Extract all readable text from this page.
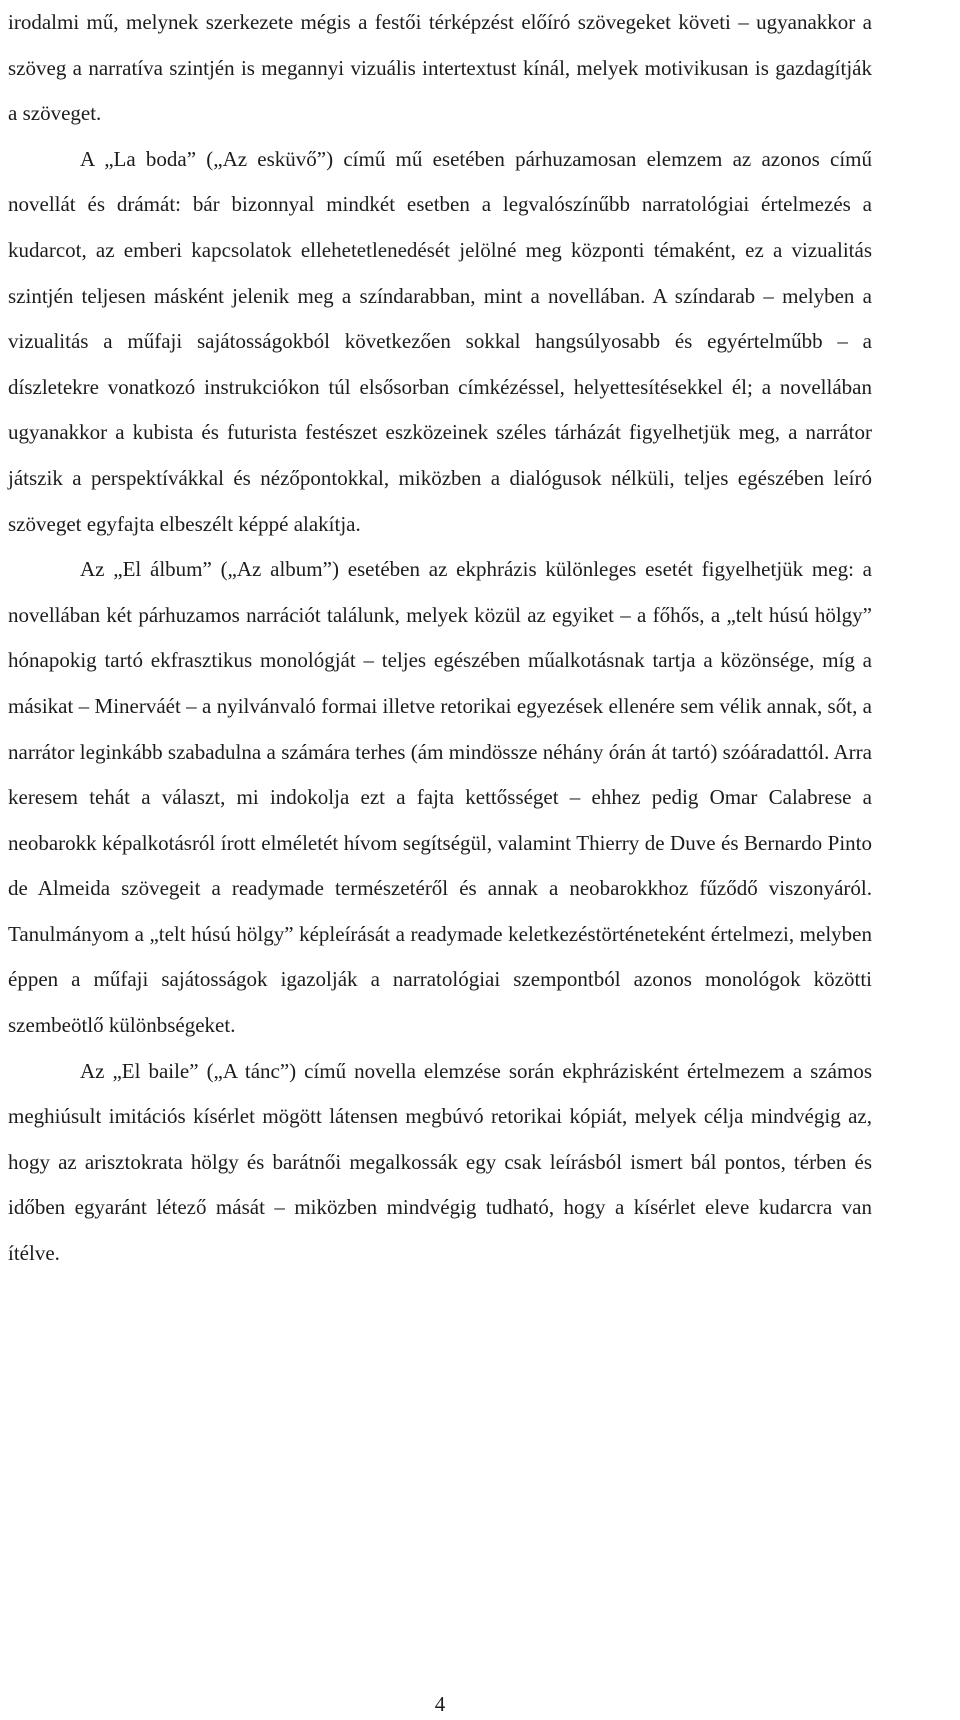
irodalmi mű, melynek szerkezete mégis a festői térképzést előíró szövegeket követi – ugyanakkor a szöveg a narratíva szintjén is megannyi vizuális intertextust kínál, melyek motivikusan is gazdagítják a szöveget.

A „La boda” („Az esküvő”) című mű esetében párhuzamosan elemzem az azonos című novellát és drámát: bár bizonnyal mindkét esetben a legvalószínűbb narratológiai értelmezés a kudarcot, az emberi kapcsolatok ellehetetlenedését jelölné meg központi témaként, ez a vizualitás szintjén teljesen másként jelenik meg a színdarabban, mint a novellában. A színdarab – melyben a vizualitás a műfaji sajátosságokból következően sokkal hangsúlyosabb és egyértelműbb – a díszletekre vonatkozó instrukciókon túl elsősorban címkézéssel, helyettesítésekkel él; a novellában ugyanakkor a kubista és futurista festészet eszközeinek széles tárházát figyelhetjük meg, a narrátor játszik a perspektívákkal és nézőpontokkal, miközben a dialógusok nélküli, teljes egészében leíró szöveget egyfajta elbeszélt képpé alakítja.

Az „El álbum” („Az album”) esetében az ekphrázis különleges esetét figyelhetjük meg: a novellában két párhuzamos narrációt találunk, melyek közül az egyiket – a főhős, a „telt húsú hölgy” hónapokig tartó ekfrasztikus monológját – teljes egészében műalkotásnak tartja a közönsége, míg a másikat – Minerváét – a nyilvánvaló formai illetve retorikai egyezések ellenére sem vélik annak, sőt, a narrátor leginkább szabadulna a számára terhes (ám mindössze néhány órán át tartó) szóáradattól. Arra keresem tehát a választ, mi indokolja ezt a fajta kettősséget – ehhez pedig Omar Calabrese a neobarokk képalkotásról írott elméletét hívom segítségül, valamint Thierry de Duve és Bernardo Pinto de Almeida szövegeit a readymade természetéről és annak a neobarokkhoz fűződő viszonyáról. Tanulmányom a „telt húsú hölgy” képleírását a readymade keletkezéstörténeteként értelmezi, melyben éppen a műfaji sajátosságok igazolják a narratológiai szempontból azonos monológok közötti szembeötlő különbségeket.

Az „El baile” („A tánc”) című novella elemzése során ekphrázisként értelmezem a számos meghiúsult imitációs kísérlet mögött látensen megbúvó retorikai kópiát, melyek célja mindvégig az, hogy az arisztokrata hölgy és barátnői megalkossák egy csak leírásból ismert bál pontos, térben és időben egyaránt létező mását – miközben mindvégig tudható, hogy a kísérlet eleve kudarcra van ítélve.

4
